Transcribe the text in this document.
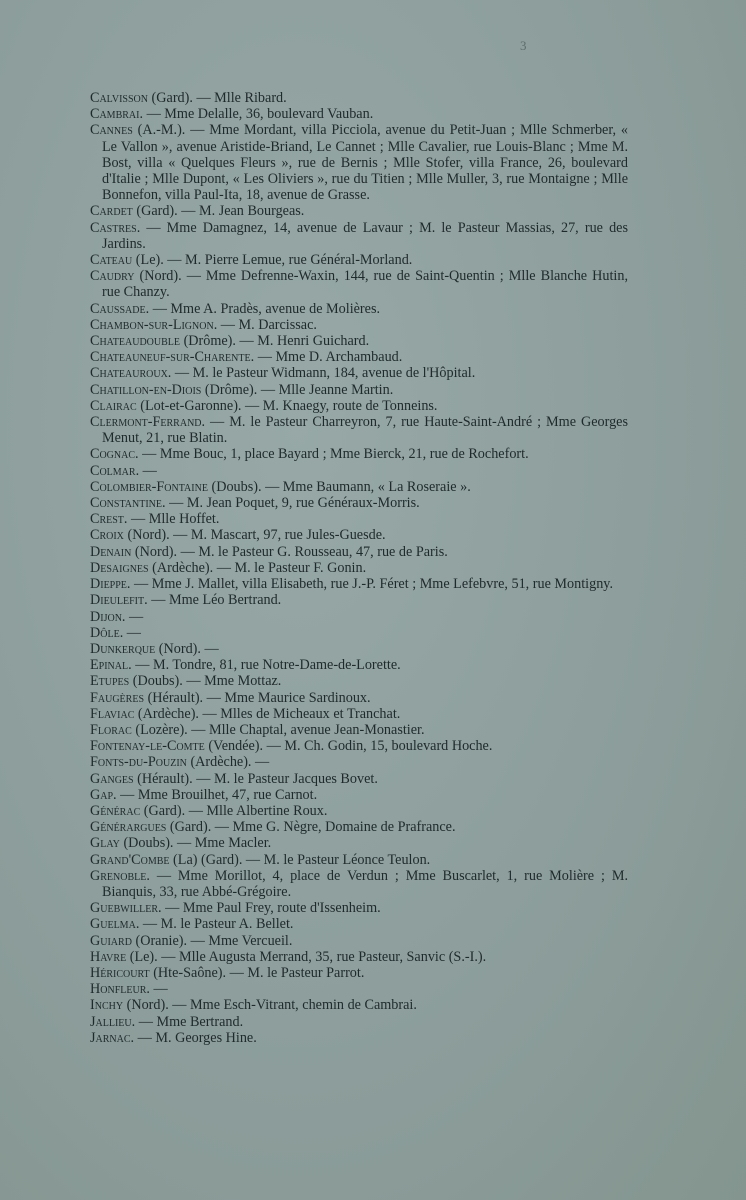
3
Calvisson (Gard). — Mlle Ribard.
Cambrai. — Mme Delalle, 36, boulevard Vauban.
Cannes (A.-M.). — Mme Mordant, villa Picciola, avenue du Petit-Juan ; Mlle Schmerber, « Le Vallon », avenue Aristide-Briand, Le Cannet ; Mlle Cavalier, rue Louis-Blanc ; Mme M. Bost, villa « Quelques Fleurs », rue de Bernis ; Mlle Stofer, villa France, 26, boulevard d'Italie ; Mlle Dupont, « Les Oliviers », rue du Titien ; Mlle Muller, 3, rue Montaigne ; Mlle Bonnefon, villa Paul-Ita, 18, avenue de Grasse.
Cardet (Gard). — M. Jean Bourgeas.
Castres. — Mme Damagnez, 14, avenue de Lavaur ; M. le Pasteur Massias, 27, rue des Jardins.
Cateau (Le). — M. Pierre Lemue, rue Général-Morland.
Caudry (Nord). — Mme Defrenne-Waxin, 144, rue de Saint-Quentin ; Mlle Blanche Hutin, rue Chanzy.
Caussade. — Mme A. Pradès, avenue de Molières.
Chambon-sur-Lignon. — M. Darcissac.
Chateaudouble (Drôme). — M. Henri Guichard.
Chateauneuf-sur-Charente. — Mme D. Archambaud.
Chateauroux. — M. le Pasteur Widmann, 184, avenue de l'Hôpital.
Chatillon-en-Diois (Drôme). — Mlle Jeanne Martin.
Clairac (Lot-et-Garonne). — M. Knaegy, route de Tonneins.
Clermont-Ferrand. — M. le Pasteur Charreyron, 7, rue Haute-Saint-André ; Mme Georges Menut, 21, rue Blatin.
Cognac. — Mme Bouc, 1, place Bayard ; Mme Bierck, 21, rue de Rochefort.
Colmar. —
Colombier-Fontaine (Doubs). — Mme Baumann, « La Roseraie ».
Constantine. — M. Jean Poquet, 9, rue Généraux-Morris.
Crest. — Mlle Hoffet.
Croix (Nord). — M. Mascart, 97, rue Jules-Guesde.
Denain (Nord). — M. le Pasteur G. Rousseau, 47, rue de Paris.
Desaignes (Ardèche). — M. le Pasteur F. Gonin.
Dieppe. — Mme J. Mallet, villa Elisabeth, rue J.-P. Féret ; Mme Lefebvre, 51, rue Montigny.
Dieulefit. — Mme Léo Bertrand.
Dijon. —
Dôle. —
Dunkerque (Nord). —
Epinal. — M. Tondre, 81, rue Notre-Dame-de-Lorette.
Etupes (Doubs). — Mme Mottaz.
Faugères (Hérault). — Mme Maurice Sardinoux.
Flaviac (Ardèche). — Mlles de Micheaux et Tranchat.
Florac (Lozère). — Mlle Chaptal, avenue Jean-Monastier.
Fontenay-le-Comte (Vendée). — M. Ch. Godin, 15, boulevard Hoche.
Fonts-du-Pouzin (Ardèche). —
Ganges (Hérault). — M. le Pasteur Jacques Bovet.
Gap. — Mme Brouilhet, 47, rue Carnot.
Générac (Gard). — Mlle Albertine Roux.
Générargues (Gard). — Mme G. Nègre, Domaine de Prafrance.
Glay (Doubs). — Mme Macler.
Grand'Combe (La) (Gard). — M. le Pasteur Léonce Teulon.
Grenoble. — Mme Morillot, 4, place de Verdun ; Mme Buscarlet, 1, rue Molière ; M. Bianquis, 33, rue Abbé-Grégoire.
Guebwiller. — Mme Paul Frey, route d'Issenheim.
Guelma. — M. le Pasteur A. Bellet.
Guiard (Oranie). — Mme Vercueil.
Havre (Le). — Mlle Augusta Merrand, 35, rue Pasteur, Sanvic (S.-I.).
Héricourt (Hte-Saône). — M. le Pasteur Parrot.
Honfleur. —
Inchy (Nord). — Mme Esch-Vitrant, chemin de Cambrai.
Jallieu. — Mme Bertrand.
Jarnac. — M. Georges Hine.
